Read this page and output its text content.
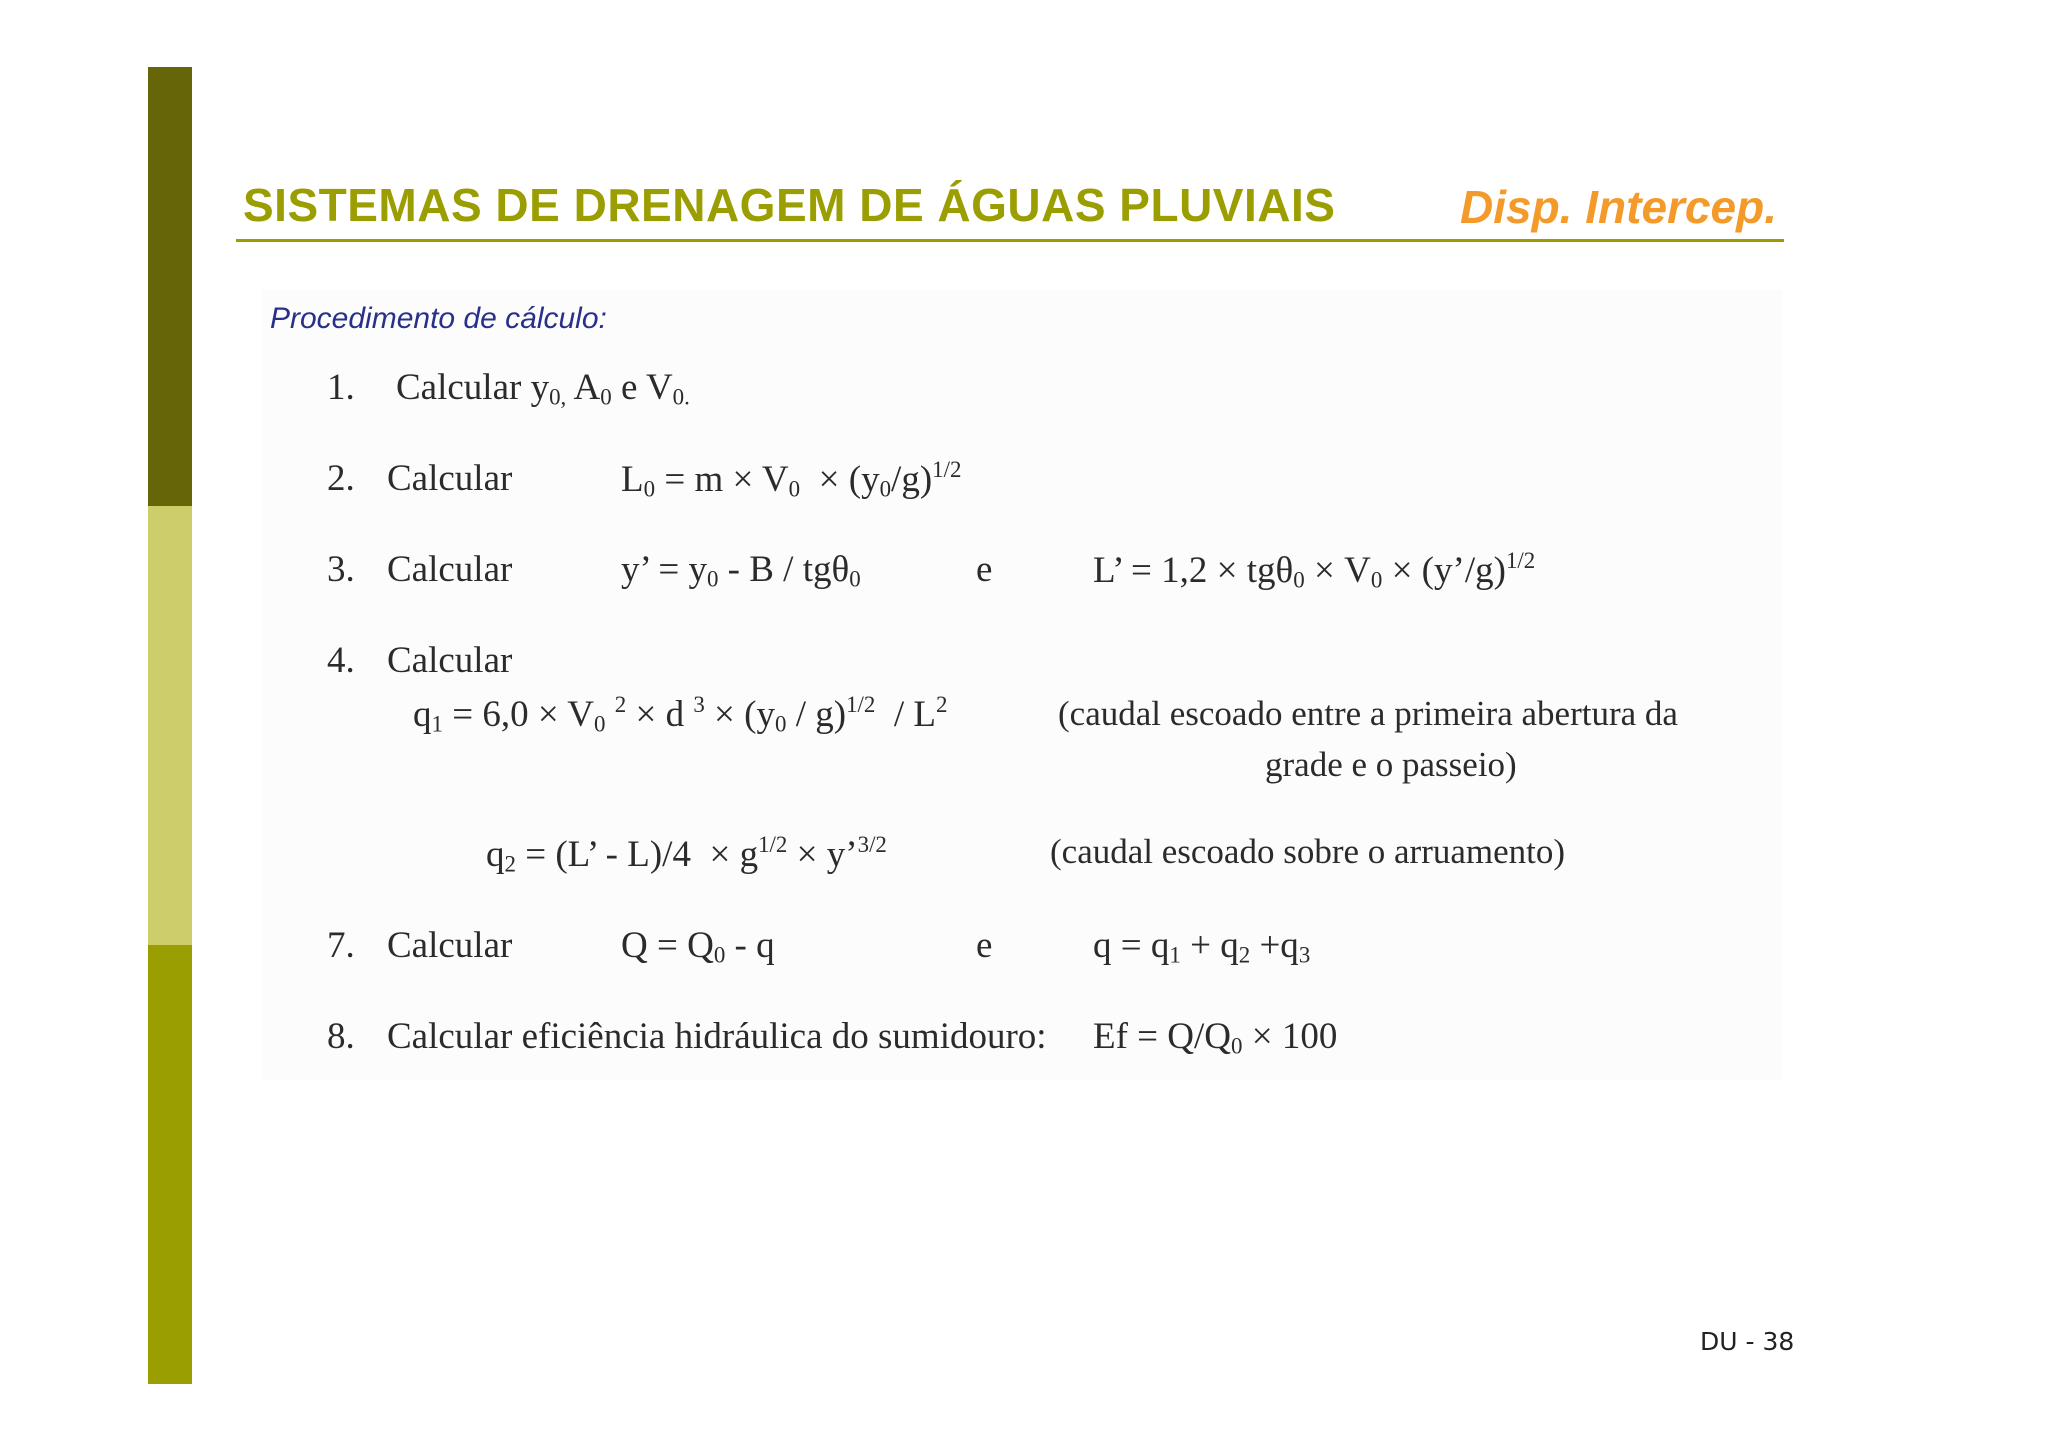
SISTEMAS DE DRENAGEM DE ÁGUAS PLUVIAIS	Disp. Intercep.
Procedimento de cálculo:
1. Calcular $y_{0,}$ $A_0$ e $V_{0.}$
2. Calcular	$L_0 = m \times V_0 \times (y_0/g)^{1/2}$
3. Calcular	y’ = $y_0$ - B / tgθ$_0$	e	L’ = $1,2 \times tg\theta_0 \times V_0$ × (y’/g)$^{1/2}$
4. Calcular
$q_1 = 6,0 \times V_0$ $^2$ × d $^3 \times (y_0 / g)^{1/2} / L^2$	(caudal escoado entre a primeira abertura da
grade e o passeio)
$q_2 = (L$’ - $L)/4 \times g^{1/2}$ × y’$^{3/2}$	(caudal escoado sobre o arruamento)
7. Calcular	$Q = Q_0 - q$	e	$q = q_1 + q_2 +q_3$
8. Calcular eficiência hidráulica do sumidouro: $Ef = Q/Q_0 \times 100$
DU - 38
